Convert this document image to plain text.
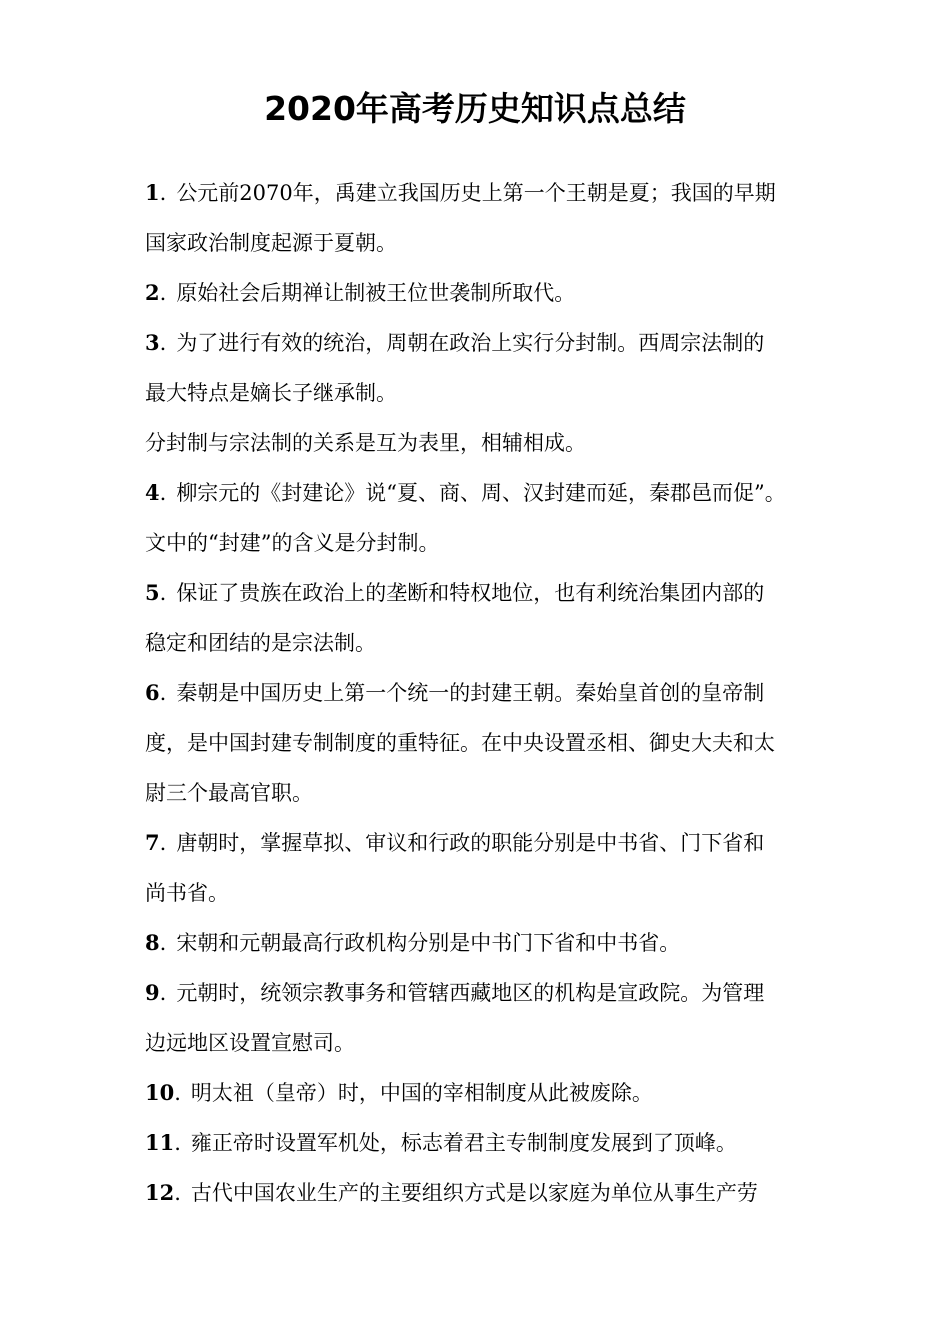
2020年高考历史知识点总结
1. 公元前2070年，禹建立我国历史上第一个王朝是夏；我国的早期
国家政治制度起源于夏朝。
2. 原始社会后期禅让制被王位世袭制所取代。
3. 为了进行有效的统治，周朝在政治上实行分封制。西周宗法制的
最大特点是嫡长子继承制。
分封制与宗法制的关系是互为表里，相辅相成。
4. 柳宗元的《封建论》说“夏、商、周、汉封建而延，秦郡邑而促”。
文中的“封建”的含义是分封制。
5. 保证了贵族在政治上的垄断和特权地位，也有利统治集团内部的
稳定和团结的是宗法制。
6. 秦朝是中国历史上第一个统一的封建王朝。秦始皇首创的皇帝制
度，是中国封建专制制度的重特征。在中央设置丞相、御史大夫和太
尉三个最高官职。
7. 唐朝时，掌握草拟、审议和行政的职能分别是中书省、门下省和
尚书省。
8. 宋朝和元朝最高行政机构分别是中书门下省和中书省。
9. 元朝时，统领宗教事务和管辖西藏地区的机构是宣政院。为管理
边远地区设置宣慰司。
10. 明太祖（皇帝）时，中国的宰相制度从此被废除。
11. 雍正帝时设置军机处，标志着君主专制制度发展到了顶峰。
12. 古代中国农业生产的主要组织方式是以家庭为单位从事生产劳
